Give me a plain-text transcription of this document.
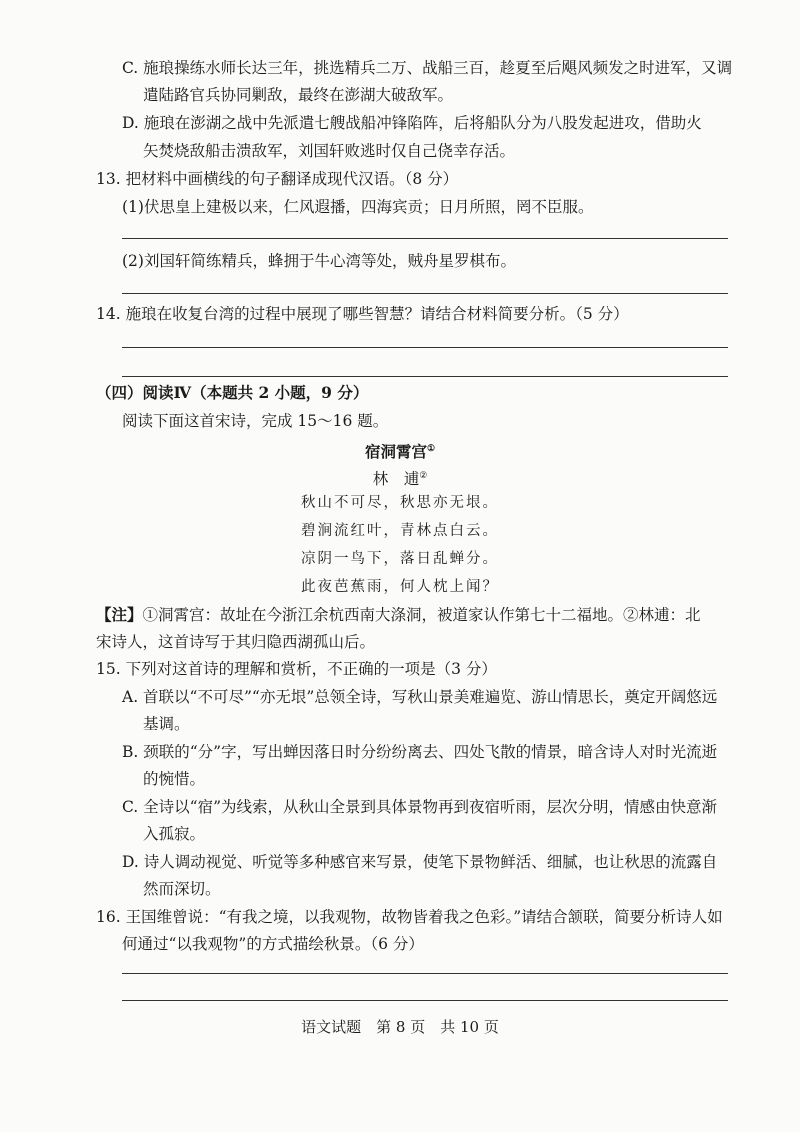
C. 施琅操练水师长达三年，挑选精兵二万、战船三百，趁夏至后飓风频发之时进军，又调
遣陆路官兵协同剿敌，最终在澎湖大破敌军。
D. 施琅在澎湖之战中先派遣七艘战船冲锋陷阵，后将船队分为八股发起进攻，借助火
矢焚烧敌船击溃敌军，刘国轩败逃时仅自己侥幸存活。
13. 把材料中画横线的句子翻译成现代汉语。（8 分）
(1)伏思皇上建极以来，仁风遐播，四海宾贡；日月所照，罔不臣服。
(2)刘国轩简练精兵，蜂拥于牛心湾等处，贼舟星罗棋布。
14. 施琅在收复台湾的过程中展现了哪些智慧？请结合材料简要分析。（5 分）
（四）阅读Ⅳ（本题共 2 小题，9 分）
阅读下面这首宋诗，完成 15～16 题。
宿洞霄宫①
林　逋②
秋山不可尽，秋思亦无垠。
碧涧流红叶，青林点白云。
凉阴一鸟下，落日乱蝉分。
此夜芭蕉雨，何人枕上闻？
【注】①洞霄宫：故址在今浙江余杭西南大涤洞，被道家认作第七十二福地。②林逋：北
宋诗人，这首诗写于其归隐西湖孤山后。
15. 下列对这首诗的理解和赏析，不正确的一项是（3 分）
A. 首联以“不可尽”“亦无垠”总领全诗，写秋山景美难遍览、游山情思长，奠定开阔悠远
基调。
B. 颈联的“分”字，写出蝉因落日时分纷纷离去、四处飞散的情景，暗含诗人对时光流逝
的惋惜。
C. 全诗以“宿”为线索，从秋山全景到具体景物再到夜宿听雨，层次分明，情感由快意渐
入孤寂。
D. 诗人调动视觉、听觉等多种感官来写景，使笔下景物鲜活、细腻，也让秋思的流露自
然而深切。
16. 王国维曾说：“有我之境，以我观物，故物皆着我之色彩。”请结合颔联，简要分析诗人如
何通过“以我观物”的方式描绘秋景。（6 分）
语文试题　第 8 页　共 10 页
